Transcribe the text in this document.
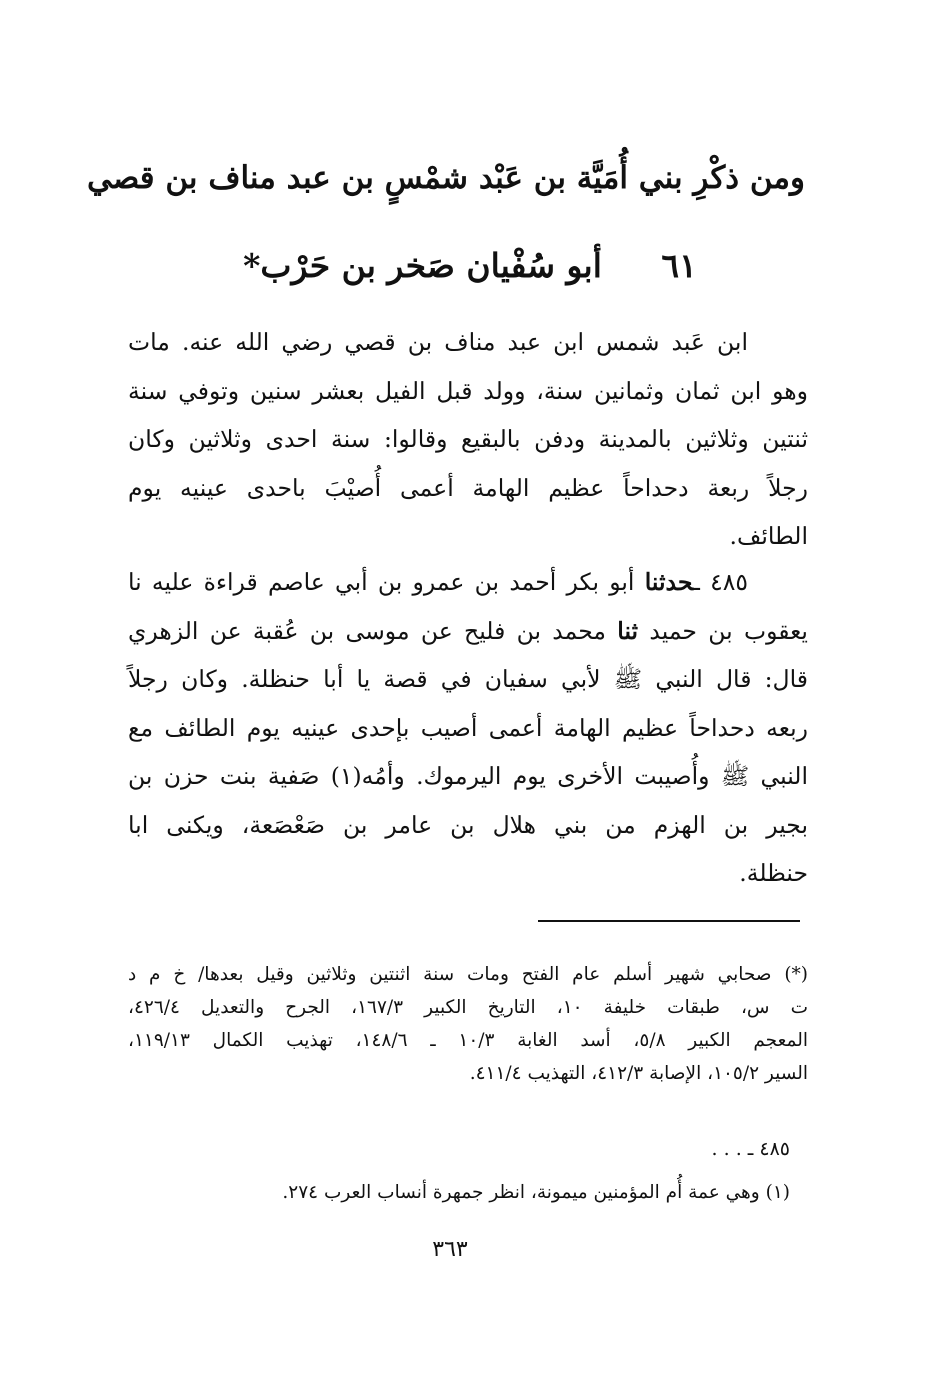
ومن ذكْرِ بني أُمَيَّة بن عَبْد شمْسٍ بن عبد مناف بن قصي
٦١ أبو سُفْيان صَخر بن حَرْب*
ابن عَبد شمس ابن عبد مناف بن قصي رضي الله عنه. مات
وهو ابن ثمان وثمانين سنة، وولد قبل الفيل بعشر سنين وتوفي سنة
ثنتين وثلاثين بالمدينة ودفن بالبقيع وقالوا: سنة احدى وثلاثين وكان
رجلاً ربعة دحداحاً عظيم الهامة أعمى أُصيْبَ باحدى عينيه يوم
الطائف.
٤٨٥ ـحدثنا أبو بكر أحمد بن عمرو بن أبي عاصم قراءة عليه نا
يعقوب بن حميد ثنا محمد بن فليح عن موسى بن عُقبة عن الزهري
قال: قال النبي ﷺ لأبي سفيان في قصة يا أبا حنظلة. وكان رجلاً
ربعه دحداحاً عظيم الهامة أعمى أصيب بإحدى عينيه يوم الطائف مع
النبي ﷺ وأُصيبت الأخرى يوم اليرموك. وأمُه(١) صَفية بنت حزن بن
بجير بن الهزم من بني هلال بن عامر بن صَعْصَعة، ويكنى ابا
حنظلة.
(*) صحابي شهير أسلم عام الفتح ومات سنة اثنتين وثلاثين وقيل بعدها/ خ م د
ت س، طبقات خليفة ١٠، التاريخ الكبير ١٦٧/٣، الجرح والتعديل ٤٢٦/٤،
المعجم الكبير ٥/٨، أسد الغابة ١٠/٣ ـ ١٤٨/٦، تهذيب الكمال ١١٩/١٣،
السير ١٠٥/٢، الإصابة ٤١٢/٣، التهذيب ٤١١/٤.
٤٨٥ ـ . . .
(١) وهي عمة أُم المؤمنين ميمونة، انظر جمهرة أنساب العرب ٢٧٤.
٣٦٣
